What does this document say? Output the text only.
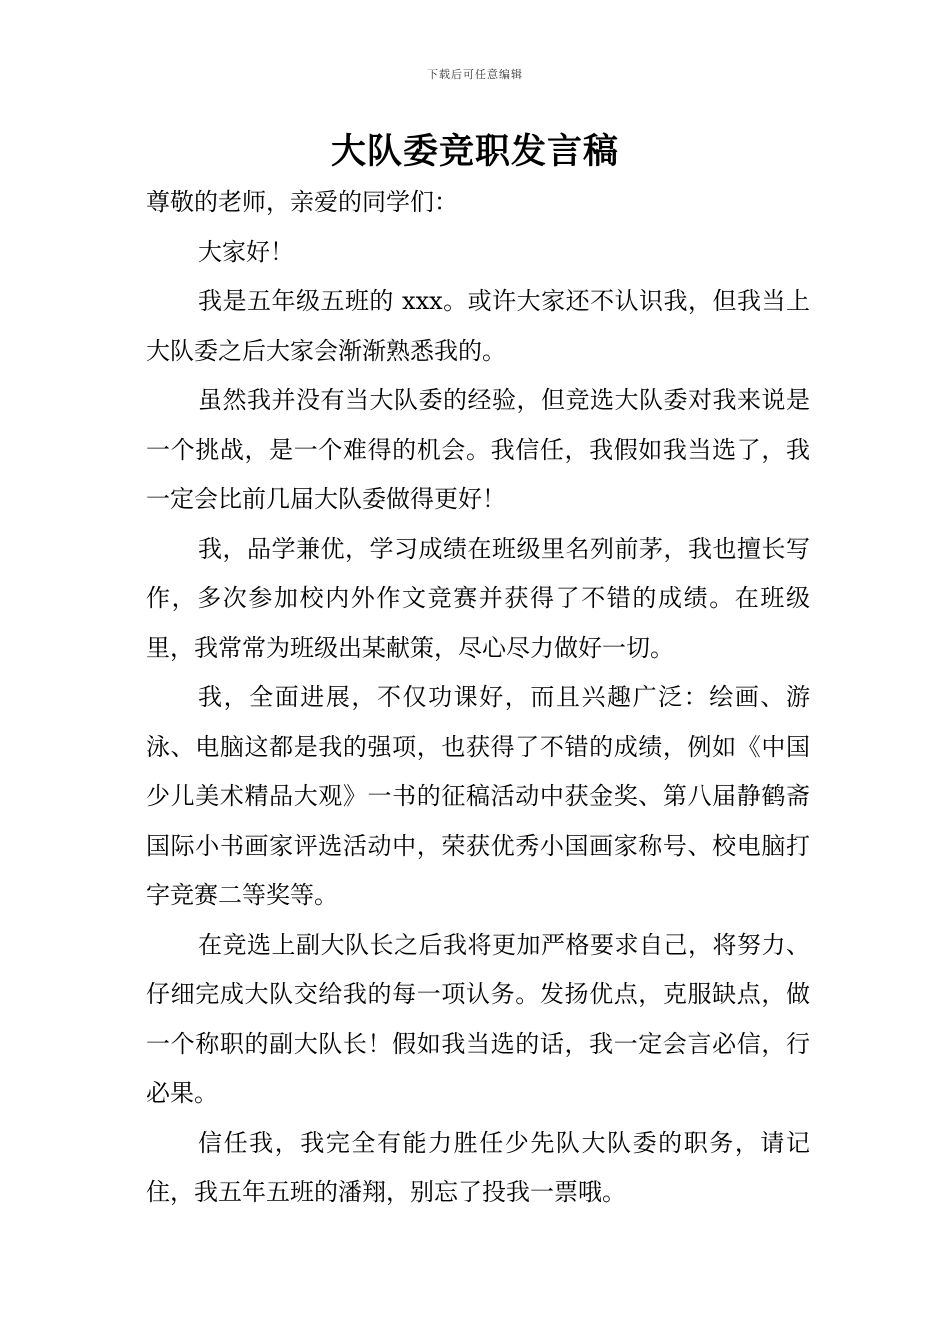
下载后可任意编辑
大队委竞职发言稿

尊敬的老师，亲爱的同学们：

大家好！

我是五年级五班的 xxx。或许大家还不认识我，但我当上大队委之后大家会渐渐熟悉我的。

虽然我并没有当大队委的经验，但竞选大队委对我来说是一个挑战，是一个难得的机会。我信任，我假如我当选了，我一定会比前几届大队委做得更好！

我，品学兼优，学习成绩在班级里名列前茅，我也擅长写作，多次参加校内外作文竞赛并获得了不错的成绩。在班级里，我常常为班级出某献策，尽心尽力做好一切。

我，全面进展，不仅功课好，而且兴趣广泛：绘画、游泳、电脑这都是我的强项，也获得了不错的成绩，例如《中国少儿美术精品大观》一书的征稿活动中获金奖、第八届静鹤斋国际小书画家评选活动中，荣获优秀小国画家称号、校电脑打字竞赛二等奖等。

在竞选上副大队长之后我将更加严格要求自己，将努力、仔细完成大队交给我的每一项认务。发扬优点，克服缺点，做一个称职的副大队长！假如我当选的话，我一定会言必信，行必果。

信任我，我完全有能力胜任少先队大队委的职务，请记住，我五年五班的潘翔，别忘了投我一票哦。
